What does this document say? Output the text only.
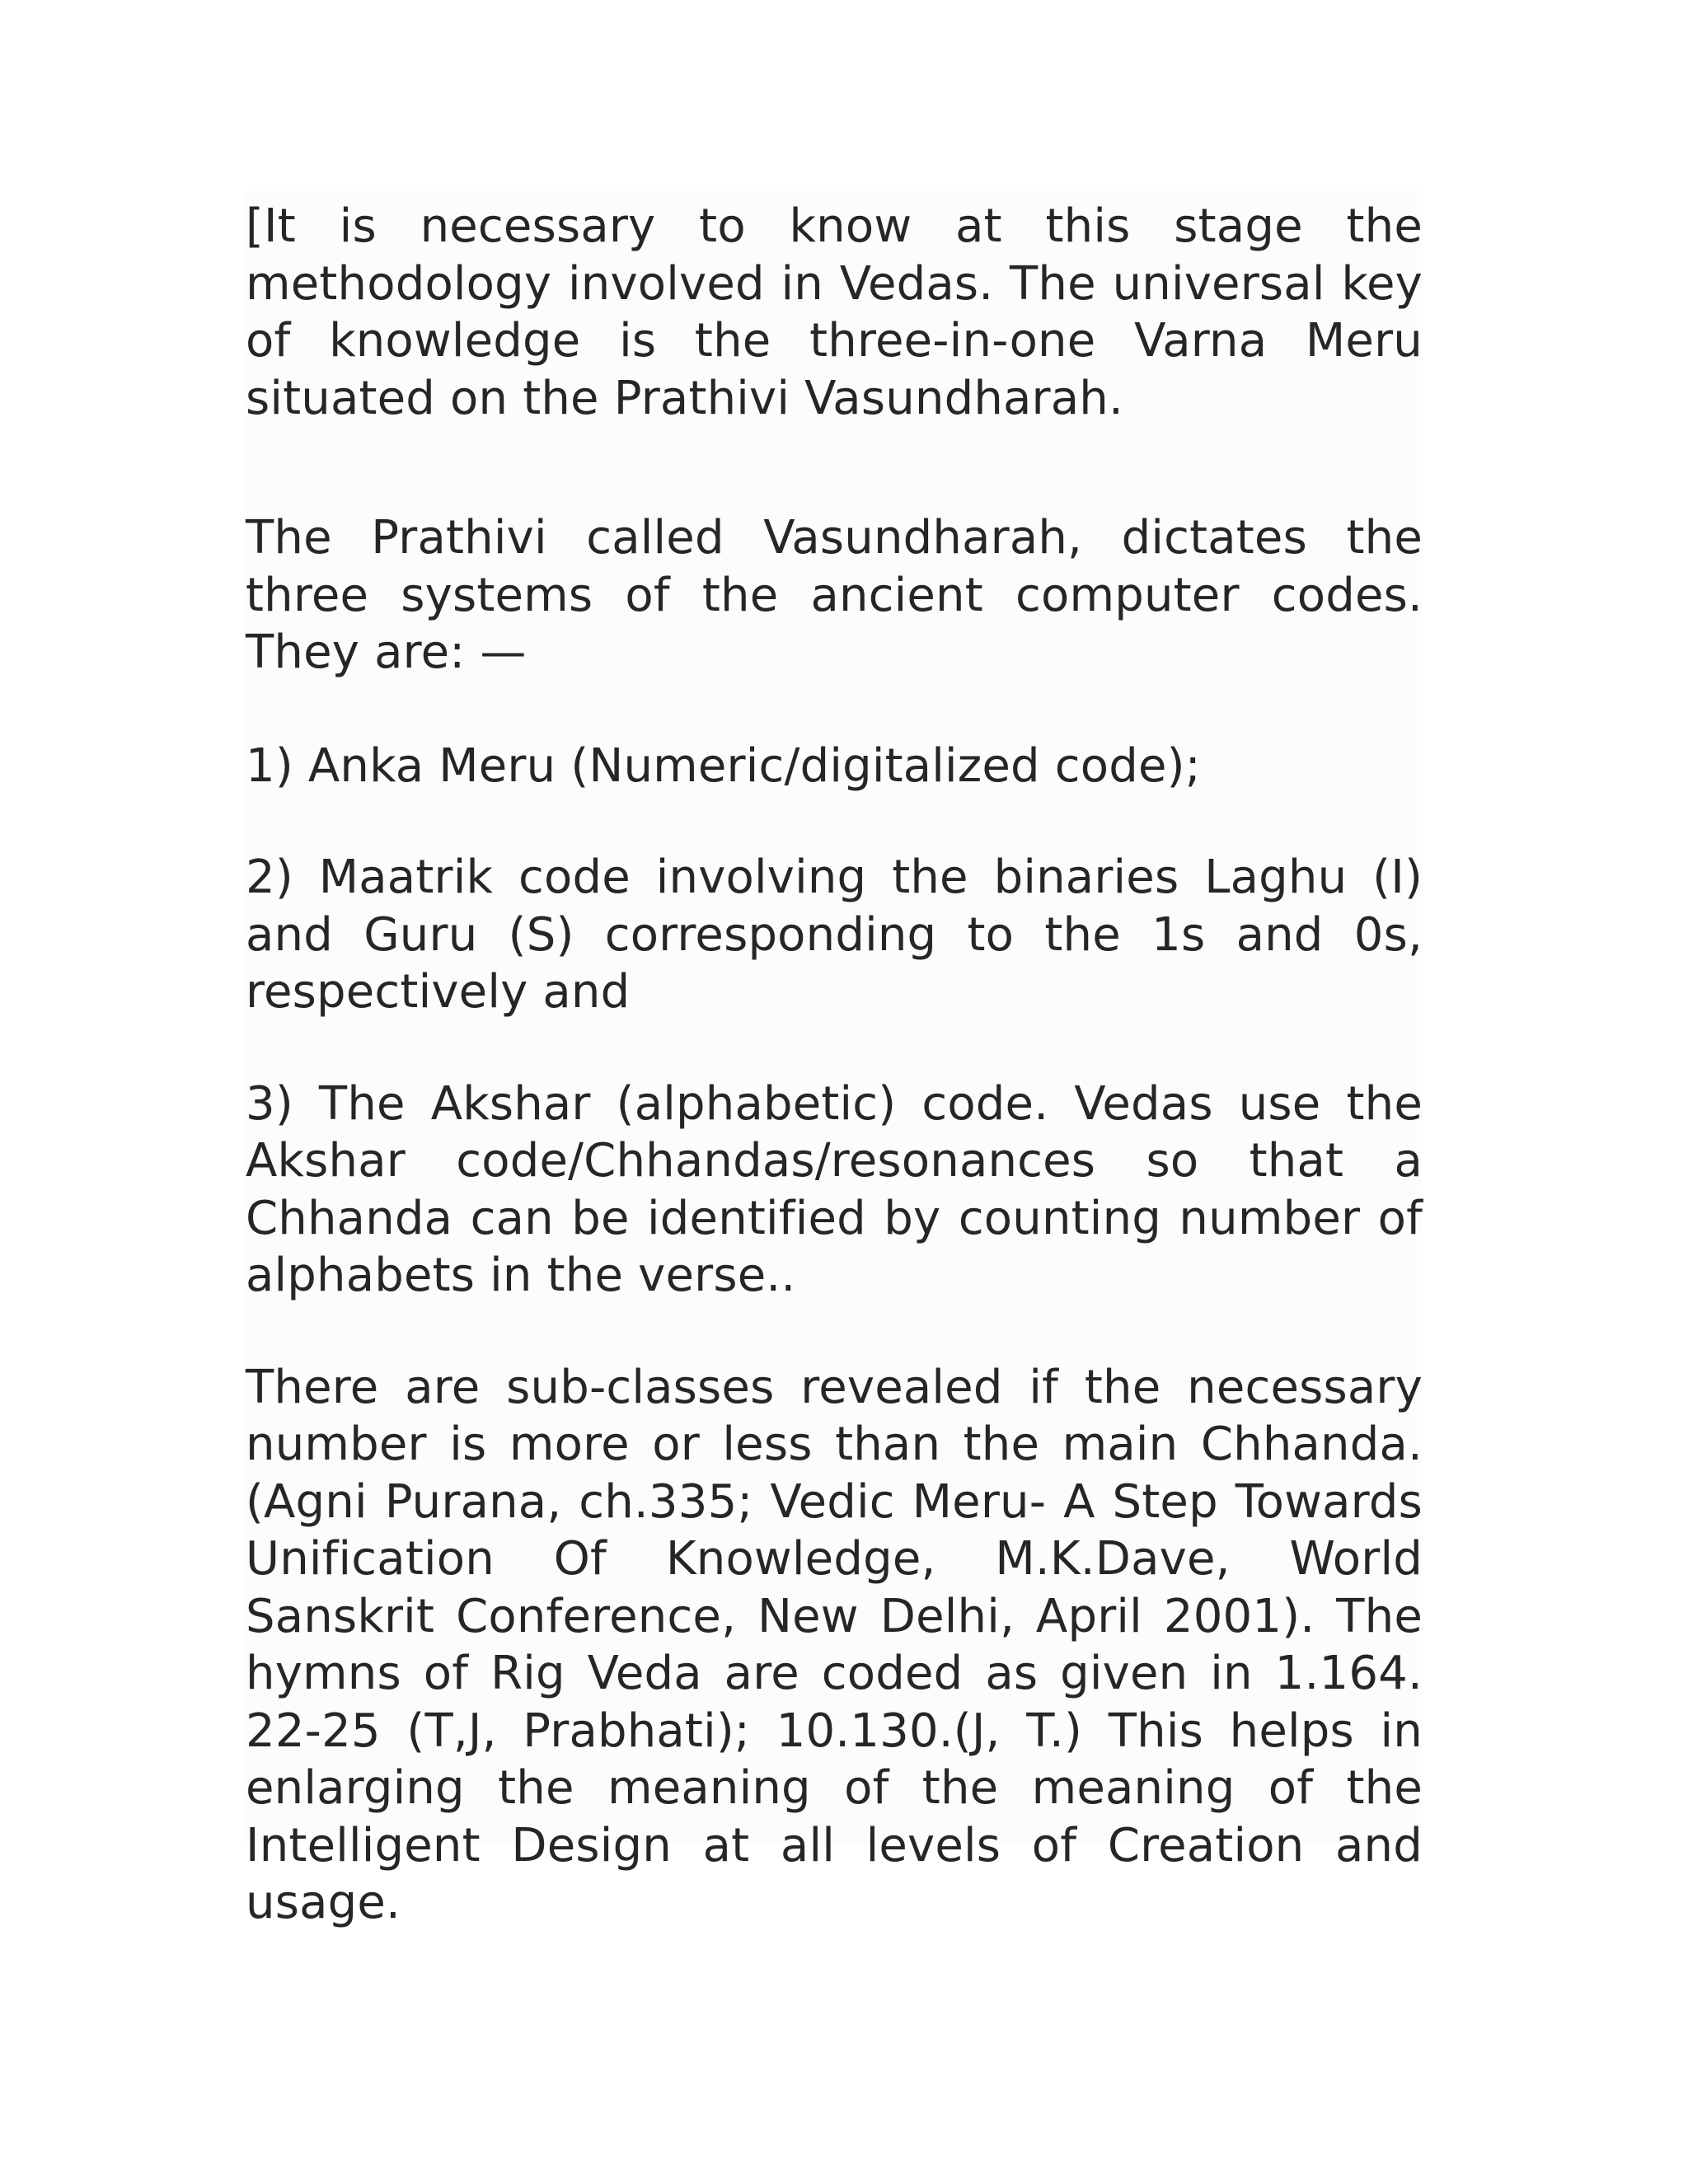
[It is necessary to know at this stage the methodology involved in Vedas. The universal key of knowledge is the three-in-one Varna Meru situated on the Prathivi Vasundharah.

The Prathivi called Vasundharah, dictates the three systems of the ancient computer codes. They are: —

1) Anka Meru (Numeric/digitalized code);

2) Maatrik code involving the binaries Laghu (I) and Guru (S) corresponding to the 1s and 0s, respectively and

3) The Akshar (alphabetic) code. Vedas use the Akshar code/Chhandas/resonances so that a Chhanda can be identified by counting number of alphabets in the verse..

There are sub-classes revealed if the necessary number is more or less than the main Chhanda. (Agni Purana, ch.335; Vedic Meru- A Step Towards Unification Of Knowledge, M.K.Dave, World Sanskrit Conference, New Delhi, April 2001). The hymns of Rig Veda are coded as given in 1.164. 22-25 (T,J, Prabhati); 10.130.(J, T.) This helps in enlarging the meaning of the meaning of the Intelligent Design at all levels of Creation and usage.
